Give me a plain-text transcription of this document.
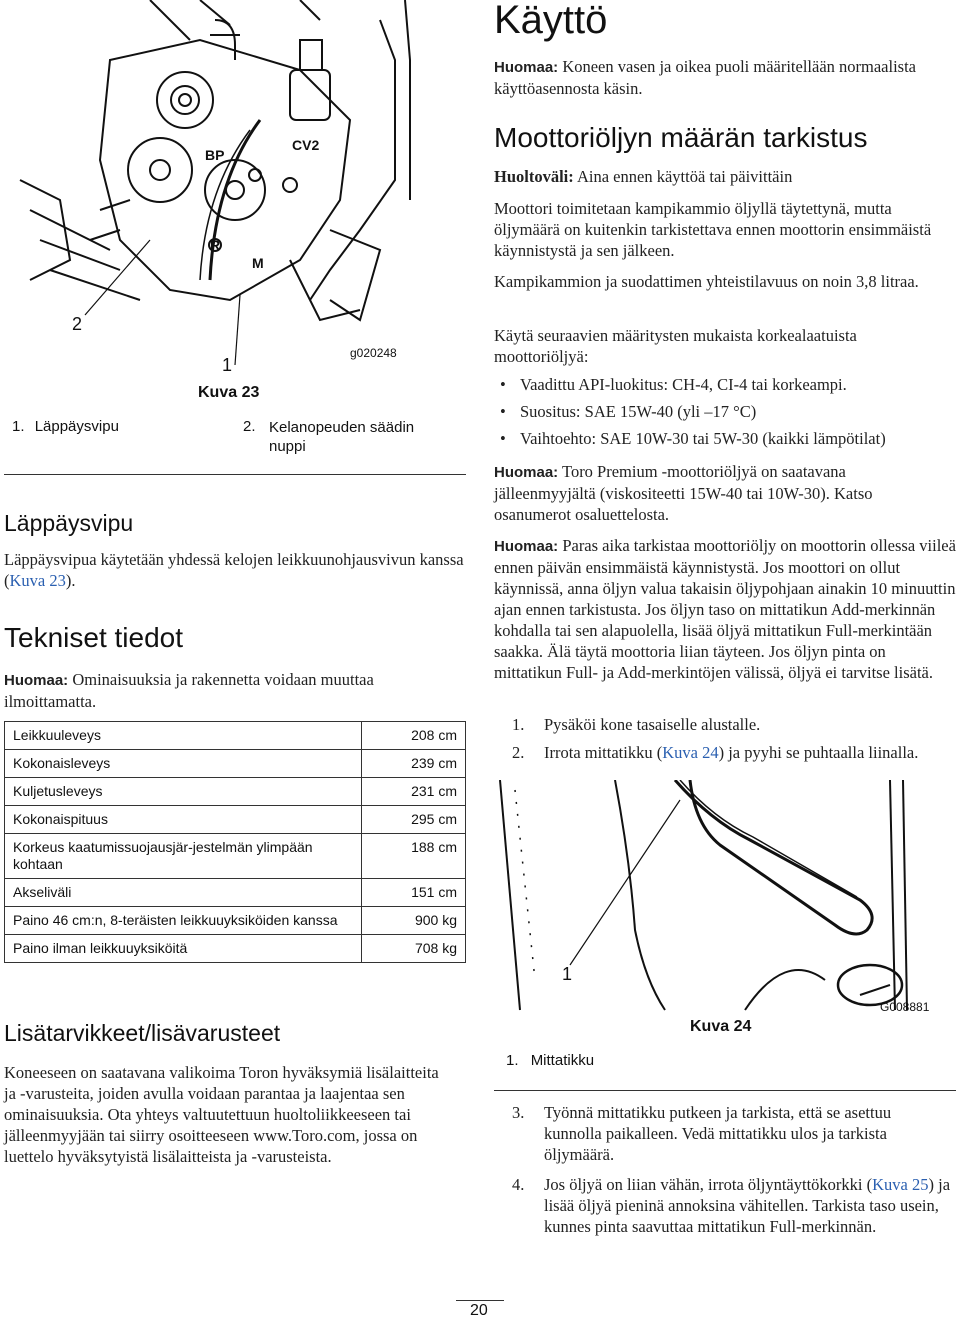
BP
CV2
R
M
2
1
g020248
Kuva 23
1. Läppäysvipu	2. Kelanopeuden säädin nuppi
Läppäysvipu

Läppäysvipua käytetään yhdessä kelojen leikkuunohjausvivun kanssa (Kuva 23).

Tekniset tiedot

Huomaa: Ominaisuuksia ja rakennetta voidaan muuttaa ilmoittamatta.

Leikkuuleveys	208 cm
Kokonaisleveys	239 cm
Kuljetusleveys	231 cm
Kokonaispituus	295 cm
Korkeus kaatumissuojausjär-jestelmän ylimpään kohtaan	188 cm
Akseliväli	151 cm
Paino 46 cm:n, 8-teräisten leikkuuyksiköiden kanssa	900 kg
Paino ilman leikkuuyksiköitä	708 kg
Lisätarvikkeet/lisävarusteet

Koneeseen on saatavana valikoima Toron hyväksymiä lisälaitteita ja -varusteita, joiden avulla voidaan parantaa ja laajentaa sen ominaisuuksia. Ota yhteys valtuutettuun huoltoliikkeeseen tai jälleenmyyjään tai siirry osoitteeseen www.Toro.com, jossa on luettelo hyväksytyistä lisälaitteista ja -varusteista.

Käyttö

Huomaa: Koneen vasen ja oikea puoli määritellään normaalista käyttöasennosta käsin.

Moottoriöljyn määrän tarkistus

Huoltoväli: Aina ennen käyttöä tai päivittäin

Moottori toimitetaan kampikammio öljyllä täytettynä, mutta öljymäärä on kuitenkin tarkistettava ennen moottorin ensimmäistä käynnistystä ja sen jälkeen.

Kampikammion ja suodattimen yhteistilavuus on noin 3,8 litraa.

Käytä seuraavien määritysten mukaista korkealaatuista moottoriöljyä:

• Vaadittu API-luokitus: CH-4, CI-4 tai korkeampi.
• Suositus: SAE 15W-40 (yli –17 °C)
• Vaihtoehto: SAE 10W-30 tai 5W-30 (kaikki lämpötilat)

Huomaa: Toro Premium -moottoriöljyä on saatavana jälleenmyyjältä (viskositeetti 15W-40 tai 10W-30). Katso osanumerot osaluettelosta.

Huomaa: Paras aika tarkistaa moottoriöljy on moottorin ollessa viileä ennen päivän ensimmäistä käynnistystä. Jos moottori on ollut käynnissä, anna öljyn valua takaisin öljypohjaan ainakin 10 minuuttin ajan ennen tarkistusta. Jos öljyn taso on mittatikun Add-merkinnän kohdalla tai sen alapuolella, lisää öljyä mittatikun Full-merkintään saakka. Älä täytä moottoria liian täyteen. Jos öljyn pinta on mittatikun Full- ja Add-merkintöjen välissä, öljyä ei tarvitse lisätä.

1.	Pysäköi kone tasaiselle alustalle.
2.	Irrota mittatikku (Kuva 24) ja pyyhi se puhtaalla liinalla.
1
G008881
Kuva 24
1. Mittatikku
3.	Työnnä mittatikku putkeen ja tarkista, että se asettuu kunnolla paikalleen. Vedä mittatikku ulos ja tarkista öljymäärä.
4.	Jos öljyä on liian vähän, irrota öljyntäyttökorkki (Kuva 25) ja lisää öljyä pieninä annoksina vähitellen. Tarkista taso usein, kunnes pinta saavuttaa mittatikun Full-merkinnän.
20
